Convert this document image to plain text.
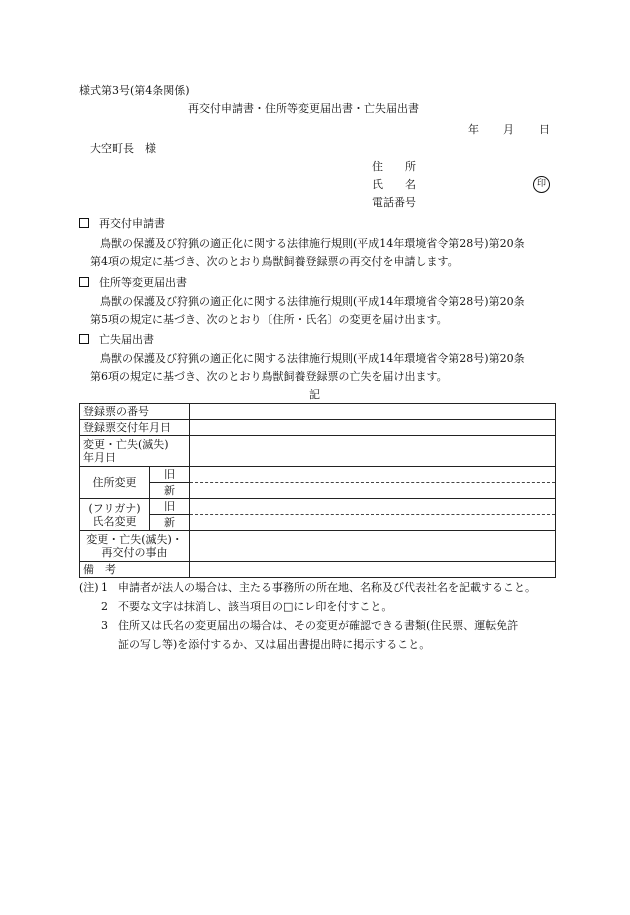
様式第3号(第4条関係)
再交付申請書・住所等変更届出書・亡失届出書
年 月 日
大空町長　様
住　　所
氏　　名	印
電話番号
再交付申請書
鳥獣の保護及び狩猟の適正化に関する法律施行規則(平成14年環境省令第28号)第20条
第4項の規定に基づき、次のとおり鳥獣飼養登録票の再交付を申請します。
住所等変更届出書
鳥獣の保護及び狩猟の適正化に関する法律施行規則(平成14年環境省令第28号)第20条
第5項の規定に基づき、次のとおり〔住所・氏名〕の変更を届け出ます。
亡失届出書
鳥獣の保護及び狩猟の適正化に関する法律施行規則(平成14年環境省令第28号)第20条
第6項の規定に基づき、次のとおり鳥獣飼養登録票の亡失を届け出ます。
記
登録票の番号		
登録票交付年月日		

変更・亡失(滅失)
年月日		

住所変更	旧	
	新	

(フリガナ)
氏名変更	旧	
	新	

変更・亡失(滅失)・
再交付の事由		

備　考		
(注) 1 申請者が法人の場合は、主たる事務所の所在地、名称及び代表社名を記載すること。
2 不要な文字は抹消し、該当項目の□にレ印を付すこと。
3 住所又は氏名の変更届出の場合は、その変更が確認できる書類(住民票、運転免許
証の写し等)を添付するか、又は届出書提出時に掲示すること。
